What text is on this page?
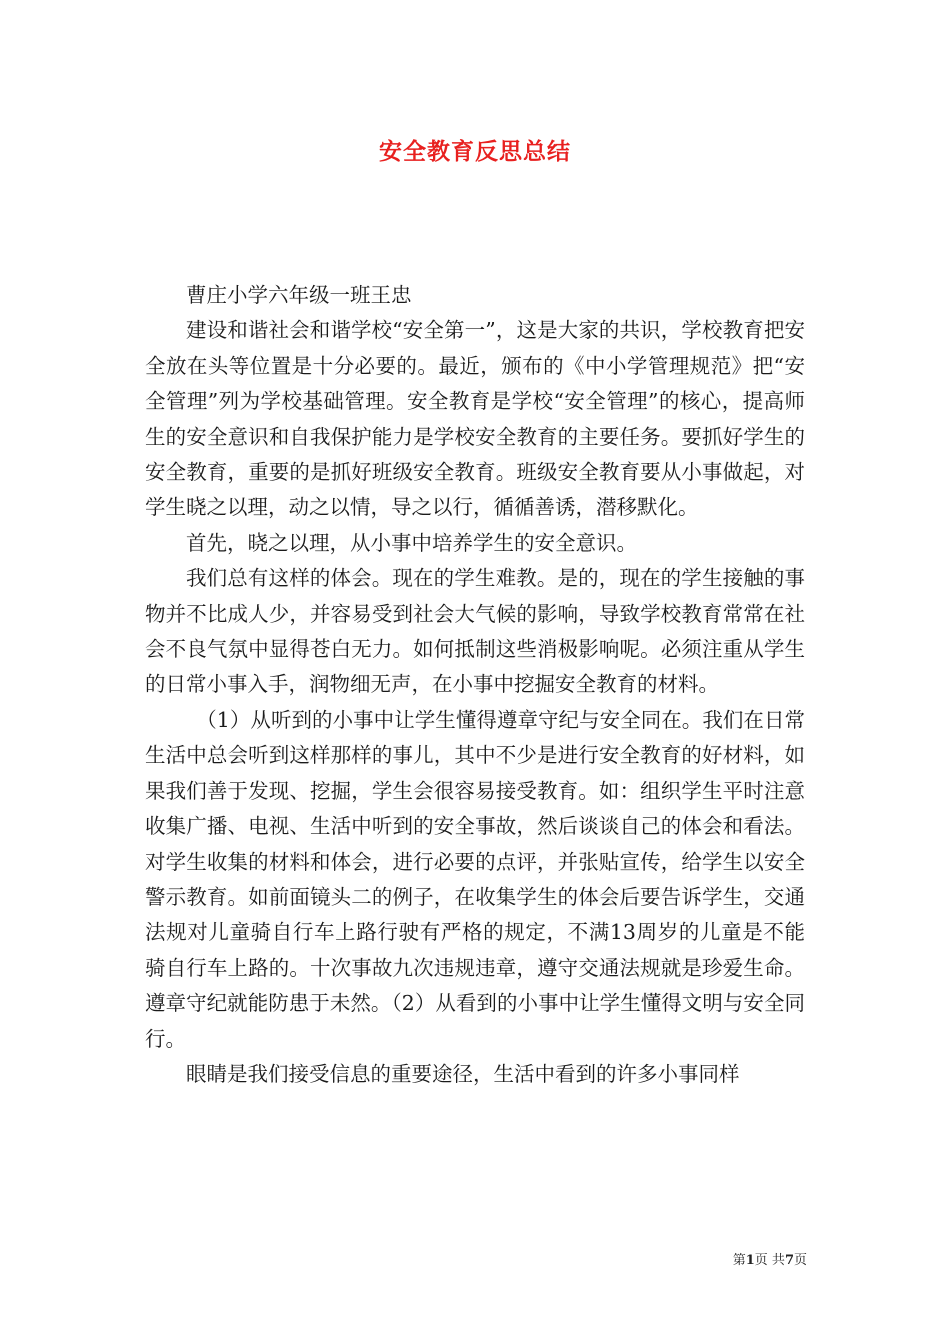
安全教育反思总结

曹庄小学六年级一班王忠

建设和谐社会和谐学校“安全第一”，这是大家的共识，学校教育把安全放在头等位置是十分必要的。最近，颁布的《中小学管理规范》把“安全管理”列为学校基础管理。安全教育是学校“安全管理”的核心，提高师生的安全意识和自我保护能力是学校安全教育的主要任务。要抓好学生的安全教育，重要的是抓好班级安全教育。班级安全教育要从小事做起，对学生晓之以理，动之以情，导之以行，循循善诱，潜移默化。

首先，晓之以理，从小事中培养学生的安全意识。

我们总有这样的体会。现在的学生难教。是的，现在的学生接触的事物并不比成人少，并容易受到社会大气候的影响，导致学校教育常常在社会不良气氛中显得苍白无力。如何抵制这些消极影响呢。必须注重从学生的日常小事入手，润物细无声，在小事中挖掘安全教育的材料。

（1）从听到的小事中让学生懂得遵章守纪与安全同在。我们在日常生活中总会听到这样那样的事儿，其中不少是进行安全教育的好材料，如果我们善于发现、挖掘，学生会很容易接受教育。如：组织学生平时注意收集广播、电视、生活中听到的安全事故，然后谈谈自己的体会和看法。对学生收集的材料和体会，进行必要的点评，并张贴宣传，给学生以安全警示教育。如前面镜头二的例子，在收集学生的体会后要告诉学生，交通法规对儿童骑自行车上路行驶有严格的规定，不满13周岁的儿童是不能骑自行车上路的。十次事故九次违规违章，遵守交通法规就是珍爱生命。遵章守纪就能防患于未然。（2）从看到的小事中让学生懂得文明与安全同行。

眼睛是我们接受信息的重要途径，生活中看到的许多小事同样

第1页 共7页
